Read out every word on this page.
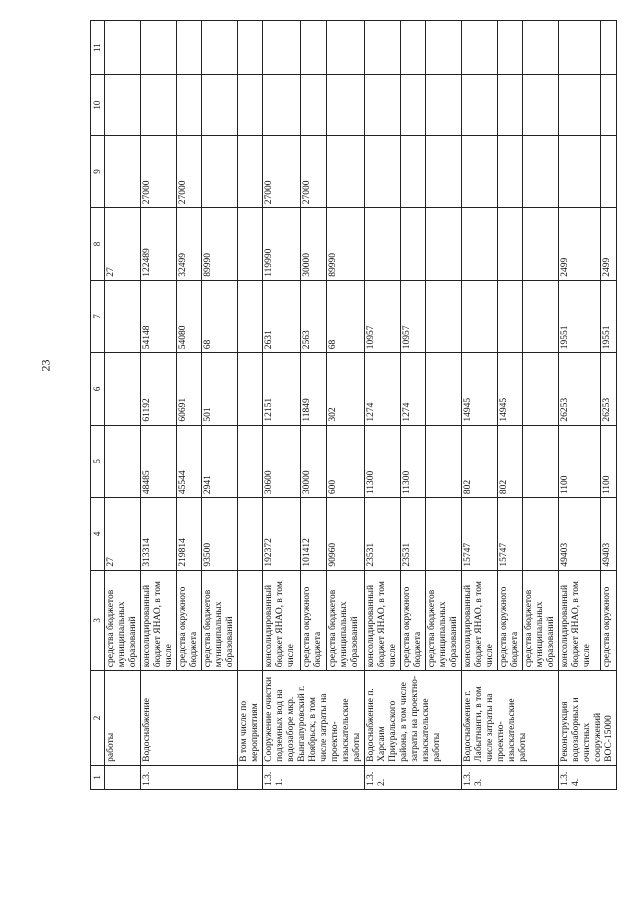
23
1	2	3	4	5	6	7	8	9	10	11
	работы	средства бюджетов муниципальных образований	27				27			
1.3.	Водоснабжение	консолидированный бюджет ЯНАО, в том числе	313314	48485	61192	54148	122489	27000		
		средства окружного бюджета	219814	45544	60691	54080	32499	27000		
		средства бюджетов муниципальных образований	93500	2941	501	68	89990			
	В том числе по мероприятиям									
1.3.1.	Сооружение очистки подземных вод на водозаборе мкр. Вынгапуровский г. Ноябрьск, в том числе затраты на проектно-изыскательские работы	консолидированный бюджет ЯНАО, в том числе	192372	30600	12151	2631	119990	27000		
		средства окружного бюджета	101412	30000	11849	2563	30000	27000		
		средства бюджетов муниципальных образований	90960	600	302	68	89990			
1.3.2.	Водоснабжение п. Харсаим Приуральского района, в том числе затраты на проектно-изыскательские работы	консолидированный бюджет ЯНАО, в том числе	23531	11300	1274	10957				
		средства окружного бюджета	23531	11300	1274	10957				
		средства бюджетов муниципальных образований								
1.3.3.	Водоснабжение г. Лабытнанги, в том числе затраты на проектно-изыскательские работы	консолидированный бюджет ЯНАО, в том числе	15747	802	14945					
		средства окружного бюджета	15747	802	14945					
		средства бюджетов муниципальных образований								
1.3.4.	Реконструкция водозаборных и очистных сооружений ВОС-15000	консолидированный бюджет ЯНАО, в том числе	49403	1100	26253	19551	2499			
		средства окружного	49403	1100	26253	19551	2499			
